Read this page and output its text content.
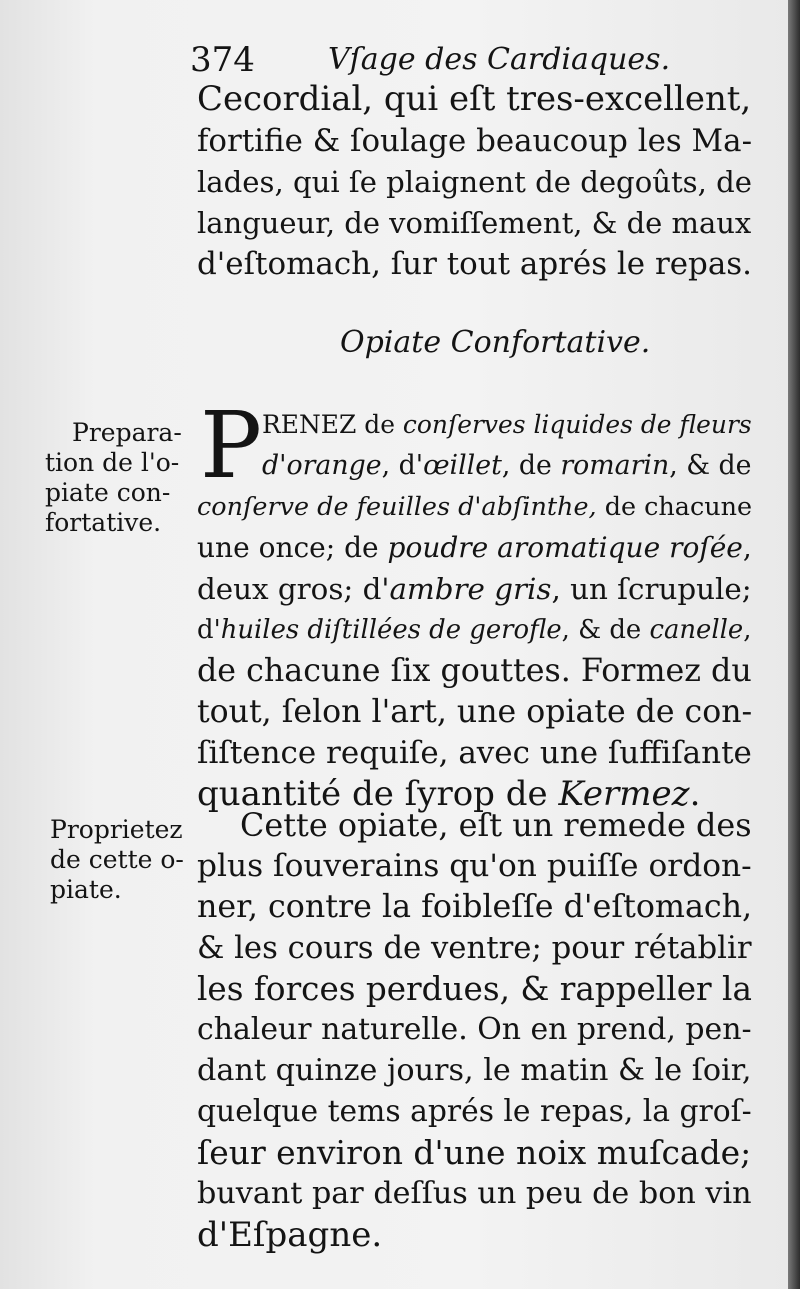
374 Vſage des Cardiaques.
Cecordial, qui eſt tres-excellent,
fortifie & ſoulage beaucoup les Ma-
lades, qui ſe plaignent de degoûts, de
langueur, de vomiſſement, & de maux
d'eſtomach, ſur tout aprés le repas.
Opiate Confortative.
Prepara-
tion de l'o-
piate con-
fortative.
P RENEZ de conſerves liquides de fleurs
d'orange, d'œillet, de romarin, & de
conſerve de feuilles d'abſinthe, de chacune
une once; de poudre aromatique roſée,
deux gros; d'ambre gris, un ſcrupule;
d'huiles diſtillées de gerofle, & de canelle,
de chacune ſix gouttes. Formez du
tout, ſelon l'art, une opiate de con-
ſiſtence requiſe, avec une ſuffiſante
quantité de ſyrop de Kermez.
Proprietez
de cette o-
piate.
Cette opiate, eſt un remede des
plus ſouverains qu'on puiſſe ordon-
ner, contre la foibleſſe d'eſtomach,
& les cours de ventre; pour rétablir
les forces perdues, & rappeller la
chaleur naturelle. On en prend, pen-
dant quinze jours, le matin & le ſoir,
quelque tems aprés le repas, la groſ-
ſeur environ d'une noix muſcade;
buvant par deſſus un peu de bon vin
d'Eſpagne.
